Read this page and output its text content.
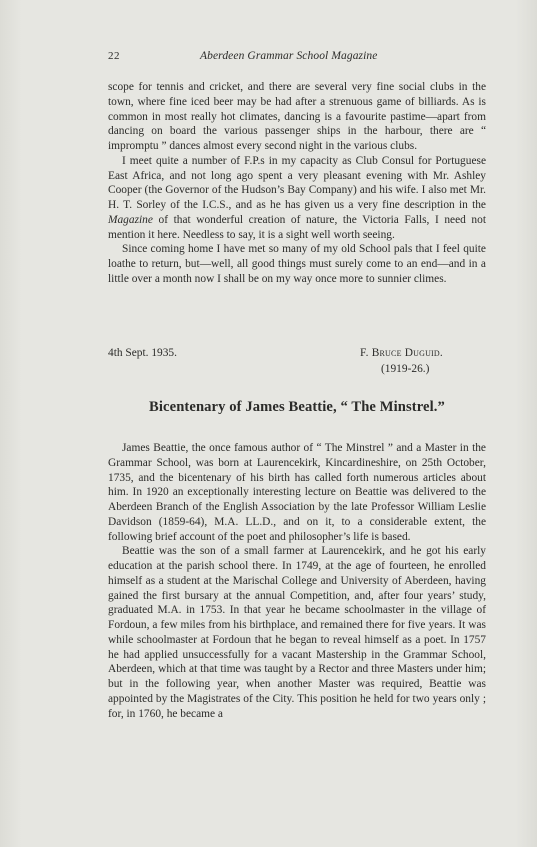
22	Aberdeen Grammar School Magazine

scope for tennis and cricket, and there are several very fine social clubs in the town, where fine iced beer may be had after a strenuous game of billiards. As is common in most really hot climates, dancing is a favourite pastime—apart from dancing on board the various passenger ships in the harbour, there are “ impromptu ” dances almost every second night in the various clubs.

I meet quite a number of F.P.s in my capacity as Club Consul for Portuguese East Africa, and not long ago spent a very pleasant evening with Mr. Ashley Cooper (the Governor of the Hudson’s Bay Company) and his wife. I also met Mr. H. T. Sorley of the I.C.S., and as he has given us a very fine description in the Magazine of that wonderful creation of nature, the Victoria Falls, I need not mention it here. Needless to say, it is a sight well worth seeing.

Since coming home I have met so many of my old School pals that I feel quite loathe to return, but—well, all good things must surely come to an end—and in a little over a month now I shall be on my way once more to sunnier climes.

4th Sept. 1935.	F. Bruce Duguid.
(1919-26.)
Bicentenary of James Beattie, “ The Minstrel.”

James Beattie, the once famous author of “ The Minstrel ” and a Master in the Grammar School, was born at Laurencekirk, Kincardineshire, on 25th October, 1735, and the bicentenary of his birth has called forth numerous articles about him. In 1920 an exceptionally interesting lecture on Beattie was delivered to the Aberdeen Branch of the English Association by the late Professor William Leslie Davidson (1859-64), M.A. LL.D., and on it, to a considerable extent, the following brief account of the poet and philosopher’s life is based.

Beattie was the son of a small farmer at Laurencekirk, and he got his early education at the parish school there. In 1749, at the age of fourteen, he enrolled himself as a student at the Marischal College and University of Aberdeen, having gained the first bursary at the annual Competition, and, after four years’ study, graduated M.A. in 1753. In that year he became schoolmaster in the village of Fordoun, a few miles from his birthplace, and remained there for five years. It was while schoolmaster at Fordoun that he began to reveal himself as a poet. In 1757 he had applied unsuccessfully for a vacant Mastership in the Grammar School, Aberdeen, which at that time was taught by a Rector and three Masters under him; but in the following year, when another Master was required, Beattie was appointed by the Magistrates of the City. This position he held for two years only ; for, in 1760, he became a
